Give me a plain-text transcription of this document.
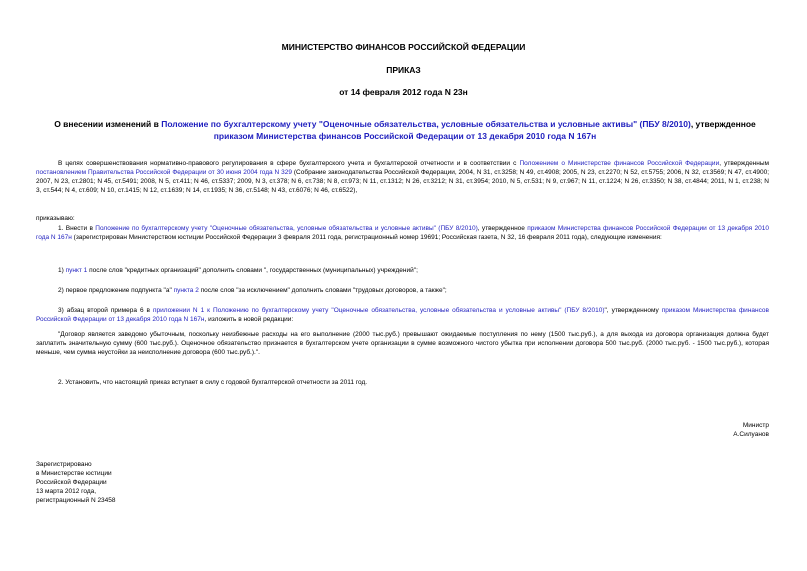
МИНИСТЕРСТВО ФИНАНСОВ РОССИЙСКОЙ ФЕДЕРАЦИИ
ПРИКАЗ
от 14 февраля 2012 года N 23н
О внесении изменений в Положение по бухгалтерскому учету "Оценочные обязательства, условные обязательства и условные активы" (ПБУ 8/2010), утвержденное приказом Министерства финансов Российской Федерации от 13 декабря 2010 года N 167н
В целях совершенствования нормативно-правового регулирования в сфере бухгалтерского учета и бухгалтерской отчетности и в соответствии с Положением о Министерстве финансов Российской Федерации, утвержденным постановлением Правительства Российской Федерации от 30 июня 2004 года N 329 (Собрание законодательства Российской Федерации, 2004, N 31, ст.3258; N 49, ст.4908; 2005, N 23, ст.2270; N 52, ст.5755; 2006, N 32, ст.3569; N 47, ст.4900; 2007, N 23, ст.2801; N 45, ст.5491; 2008, N 5, ст.411; N 46, ст.5337; 2009, N 3, ст.378; N 6, ст.738; N 8, ст.973; N 11, ст.1312; N 26, ст.3212; N 31, ст.3954; 2010, N 5, ст.531; N 9, ст.967; N 11, ст.1224; N 26, ст.3350; N 38, ст.4844; 2011, N 1, ст.238; N 3, ст.544; N 4, ст.609; N 10, ст.1415; N 12, ст.1639; N 14, ст.1935; N 36, ст.5148; N 43, ст.6076; N 46, ст.6522),
приказываю:
1. Внести в Положение по бухгалтерскому учету "Оценочные обязательства, условные обязательства и условные активы" (ПБУ 8/2010), утвержденное приказом Министерства финансов Российской Федерации от 13 декабря 2010 года N 167н (зарегистрирован Министерством юстиции Российской Федерации 3 февраля 2011 года, регистрационный номер 19691; Российская газета, N 32, 16 февраля 2011 года), следующие изменения:
1) пункт 1 после слов "кредитных организаций" дополнить словами ", государственных (муниципальных) учреждений";
2) первое предложение подпункта "а" пункта 2 после слов "за исключением" дополнить словами "трудовых договоров, а также";
3) абзац второй примера 6 в приложении N 1 к Положению по бухгалтерскому учету "Оценочные обязательства, условные обязательства и условные активы" (ПБУ 8/2010)", утвержденному приказом Министерства финансов Российской Федерации от 13 декабря 2010 года N 167н, изложить в новой редакции:
"Договор является заведомо убыточным, поскольку неизбежные расходы на его выполнение (2000 тыс.руб.) превышают ожидаемые поступления по нему (1500 тыс.руб.), а для выхода из договора организация должна будет заплатить значительную сумму (600 тыс.руб.). Оценочное обязательство признается в бухгалтерском учете организации в сумме возможного чистого убытка при исполнении договора 500 тыс.руб. (2000 тыс.руб. - 1500 тыс.руб.), которая меньше, чем сумма неустойки за неисполнение договора (600 тыс.руб.).".
2. Установить, что настоящий приказ вступает в силу с годовой бухгалтерской отчетности за 2011 год.
Министр
А.Силуанов
Зарегистрировано
в Министерстве юстиции
Российской Федерации
13 марта 2012 года,
регистрационный N 23458
